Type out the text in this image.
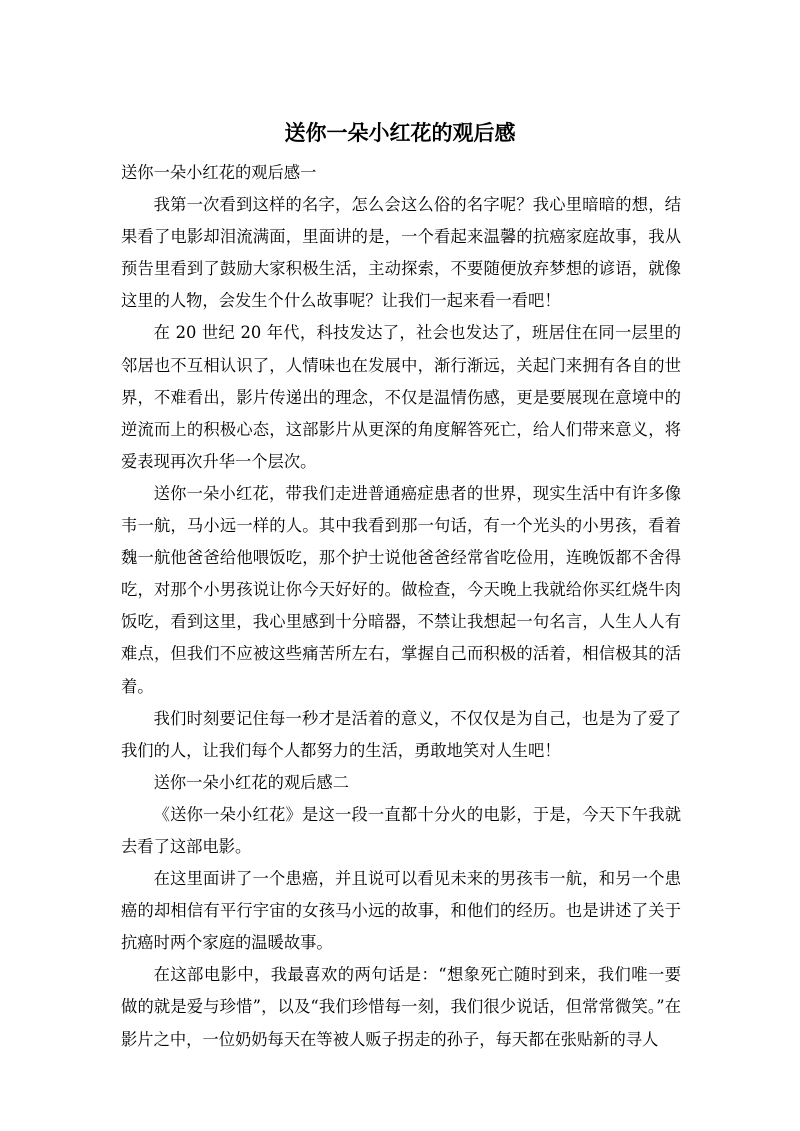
送你一朵小红花的观后感

送你一朵小红花的观后感一

我第一次看到这样的名字，怎么会这么俗的名字呢？我心里暗暗的想，结果看了电影却泪流满面，里面讲的是，一个看起来温馨的抗癌家庭故事，我从预告里看到了鼓励大家积极生活，主动探索，不要随便放弃梦想的谚语，就像这里的人物，会发生个什么故事呢？让我们一起来看一看吧！

在 20 世纪 20 年代，科技发达了，社会也发达了，班居住在同一层里的邻居也不互相认识了，人情味也在发展中，渐行渐远，关起门来拥有各自的世界，不难看出，影片传递出的理念，不仅是温情伤感，更是要展现在意境中的逆流而上的积极心态，这部影片从更深的角度解答死亡，给人们带来意义，将爱表现再次升华一个层次。

送你一朵小红花，带我们走进普通癌症患者的世界，现实生活中有许多像韦一航，马小远一样的人。其中我看到那一句话，有一个光头的小男孩，看着魏一航他爸爸给他喂饭吃，那个护士说他爸爸经常省吃俭用，连晚饭都不舍得吃，对那个小男孩说让你今天好好的。做检查，今天晚上我就给你买红烧牛肉饭吃，看到这里，我心里感到十分暗器，不禁让我想起一句名言，人生人人有难点，但我们不应被这些痛苦所左右，掌握自己而积极的活着，相信极其的活着。

我们时刻要记住每一秒才是活着的意义，不仅仅是为自己，也是为了爱了我们的人，让我们每个人都努力的生活，勇敢地笑对人生吧！

送你一朵小红花的观后感二

《送你一朵小红花》是这一段一直都十分火的电影，于是，今天下午我就去看了这部电影。

在这里面讲了一个患癌，并且说可以看见未来的男孩韦一航，和另一个患癌的却相信有平行宇宙的女孩马小远的故事，和他们的经历。也是讲述了关于抗癌时两个家庭的温暖故事。

在这部电影中，我最喜欢的两句话是：“想象死亡随时到来，我们唯一要做的就是爱与珍惜”，以及“我们珍惜每一刻，我们很少说话，但常常微笑。”在影片之中，一位奶奶每天在等被人贩子拐走的孙子，每天都在张贴新的寻人
